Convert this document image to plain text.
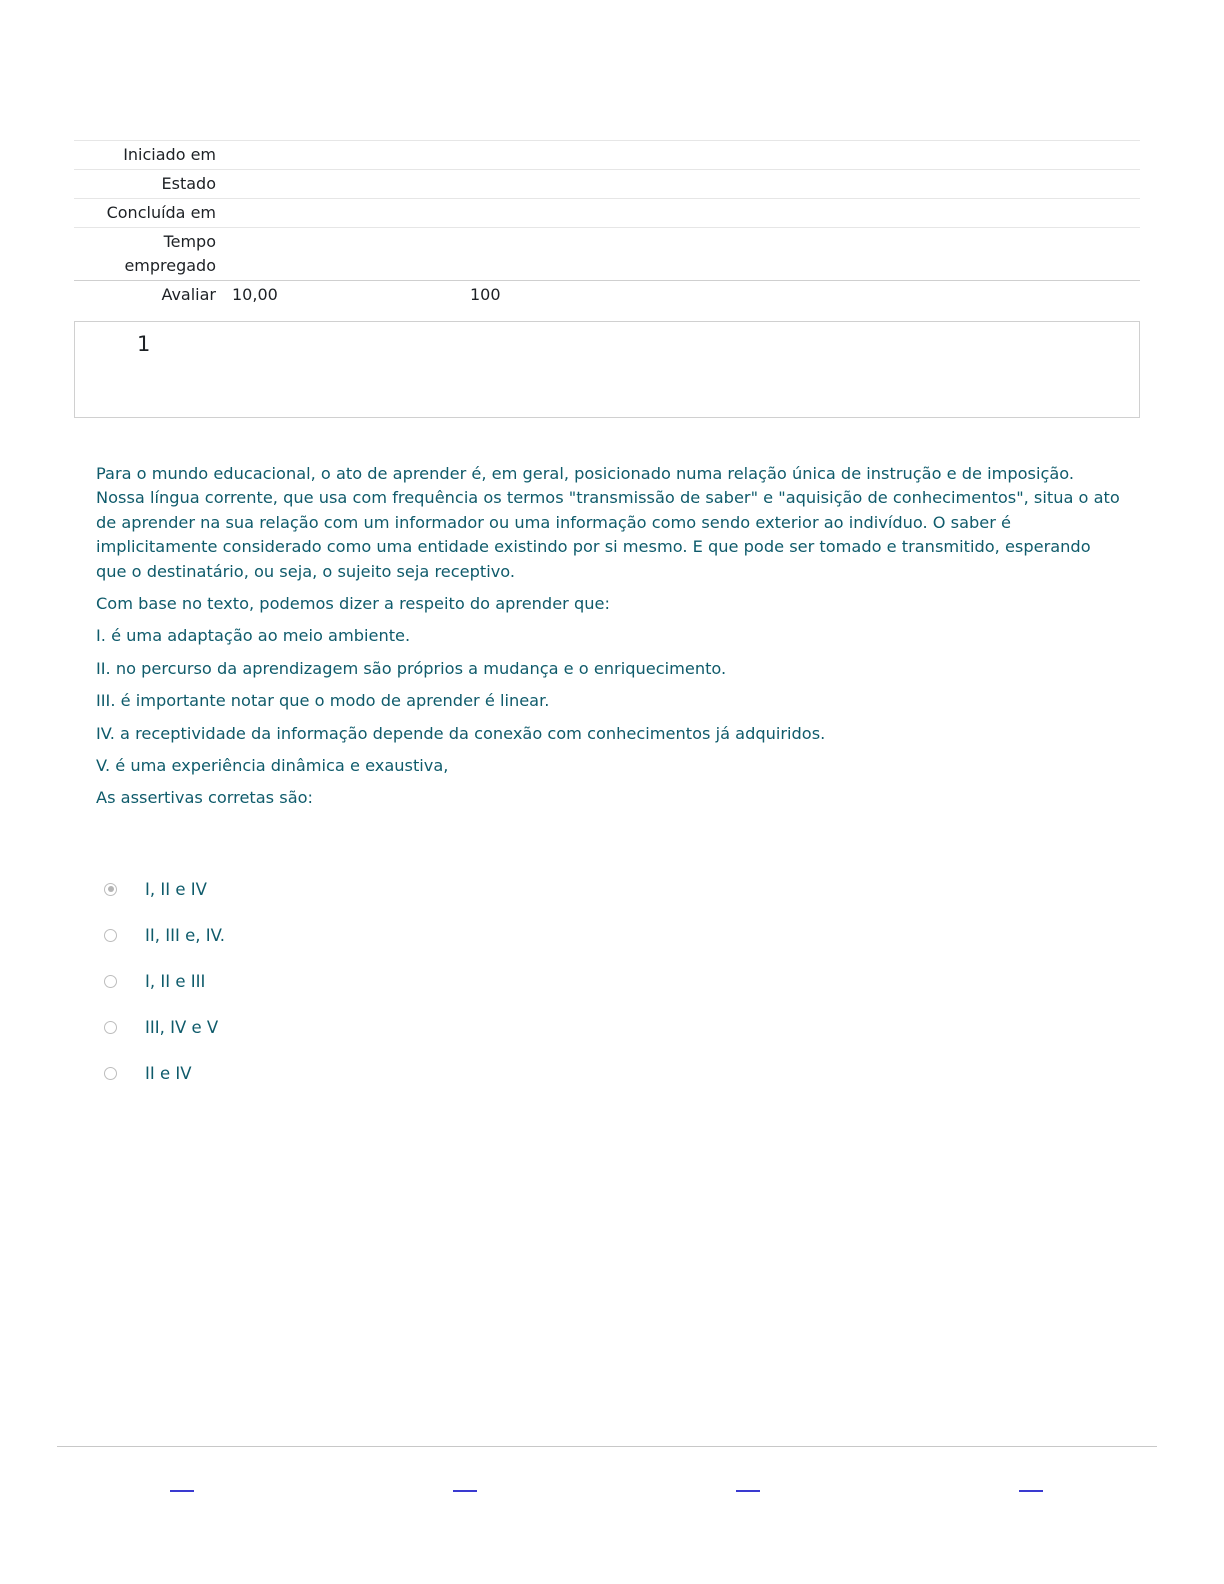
Iniciado em
Estado
Concluída em
Tempo empregado
Avaliar	10,00	100
1

Para o mundo educacional, o ato de aprender é, em geral, posicionado numa relação única de instrução e de imposição. Nossa língua corrente, que usa com frequência os termos "transmissão de saber" e "aquisição de conhecimentos", situa o ato de aprender na sua relação com um informador ou uma informação como sendo exterior ao indivíduo. O saber é implicitamente considerado como uma entidade existindo por si mesmo. E que pode ser tomado e transmitido, esperando que o destinatário, ou seja, o sujeito seja receptivo.

Com base no texto, podemos dizer a respeito do aprender que:

I. é uma adaptação ao meio ambiente.

II. no percurso da aprendizagem são próprios a mudança e o enriquecimento.

III. é importante notar que o modo de aprender é linear.

IV. a receptividade da informação depende da conexão com conhecimentos já adquiridos.

V. é uma experiência dinâmica e exaustiva,

As assertivas corretas são:

I, II e IV
II, III e, IV.
I, II e III
III, IV e V
II e IV
